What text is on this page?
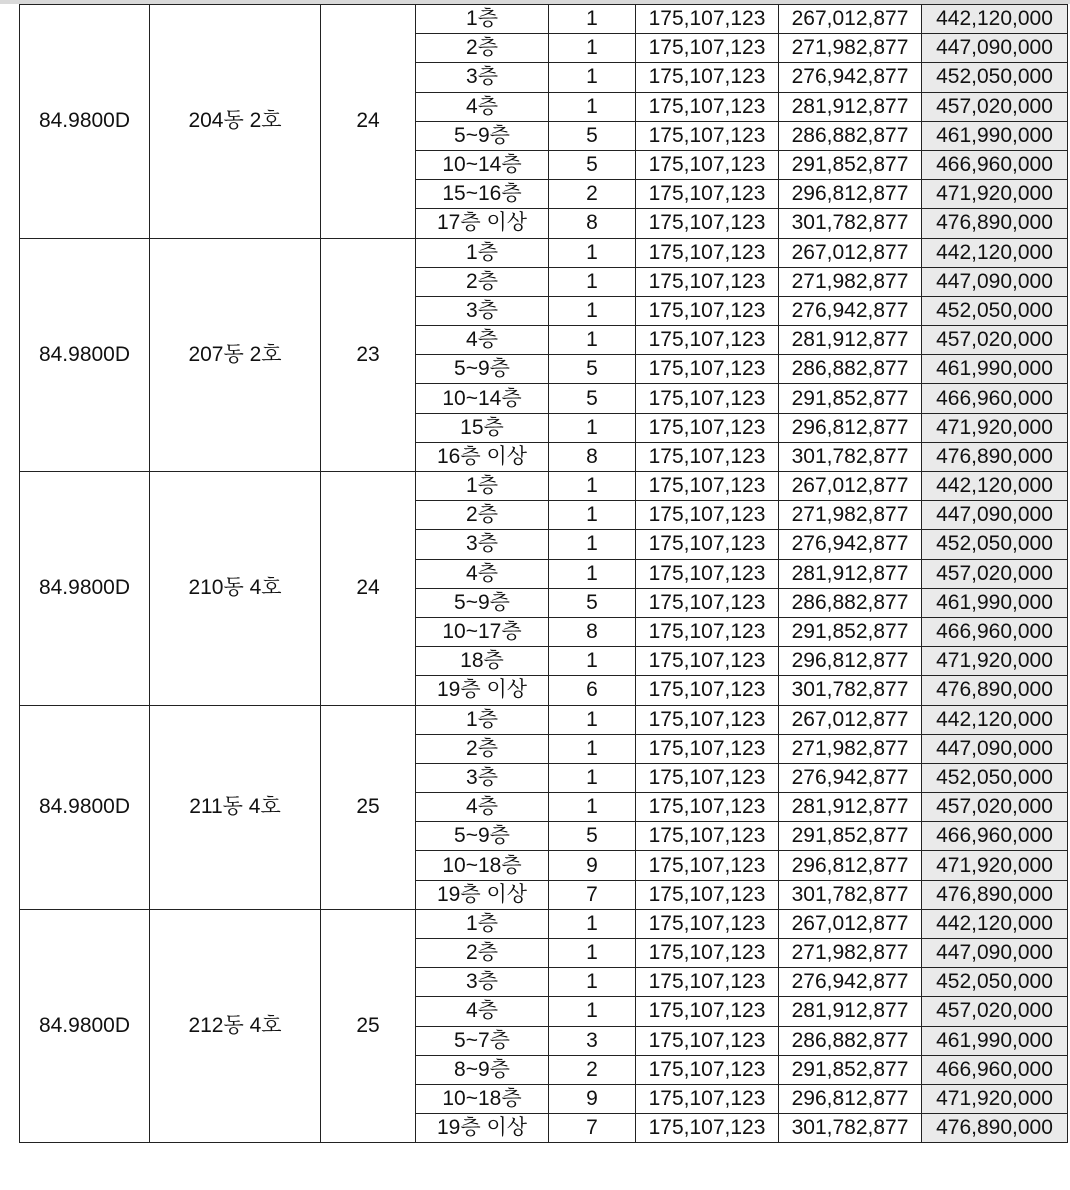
84.9800D	204동 2호	24	1층	1	175,107,123	267,012,877	442,120,000
			2층	1	175,107,123	271,982,877	447,090,000
			3층	1	175,107,123	276,942,877	452,050,000
			4층	1	175,107,123	281,912,877	457,020,000
			5~9층	5	175,107,123	286,882,877	461,990,000
			10~14층	5	175,107,123	291,852,877	466,960,000
			15~16층	2	175,107,123	296,812,877	471,920,000
			17층 이상	8	175,107,123	301,782,877	476,890,000
84.9800D	207동 2호	23	1층	1	175,107,123	267,012,877	442,120,000
			2층	1	175,107,123	271,982,877	447,090,000
			3층	1	175,107,123	276,942,877	452,050,000
			4층	1	175,107,123	281,912,877	457,020,000
			5~9층	5	175,107,123	286,882,877	461,990,000
			10~14층	5	175,107,123	291,852,877	466,960,000
			15층	1	175,107,123	296,812,877	471,920,000
			16층 이상	8	175,107,123	301,782,877	476,890,000
84.9800D	210동 4호	24	1층	1	175,107,123	267,012,877	442,120,000
			2층	1	175,107,123	271,982,877	447,090,000
			3층	1	175,107,123	276,942,877	452,050,000
			4층	1	175,107,123	281,912,877	457,020,000
			5~9층	5	175,107,123	286,882,877	461,990,000
			10~17층	8	175,107,123	291,852,877	466,960,000
			18층	1	175,107,123	296,812,877	471,920,000
			19층 이상	6	175,107,123	301,782,877	476,890,000
84.9800D	211동 4호	25	1층	1	175,107,123	267,012,877	442,120,000
			2층	1	175,107,123	271,982,877	447,090,000
			3층	1	175,107,123	276,942,877	452,050,000
			4층	1	175,107,123	281,912,877	457,020,000
			5~9층	5	175,107,123	291,852,877	466,960,000
			10~18층	9	175,107,123	296,812,877	471,920,000
			19층 이상	7	175,107,123	301,782,877	476,890,000
84.9800D	212동 4호	25	1층	1	175,107,123	267,012,877	442,120,000
			2층	1	175,107,123	271,982,877	447,090,000
			3층	1	175,107,123	276,942,877	452,050,000
			4층	1	175,107,123	281,912,877	457,020,000
			5~7층	3	175,107,123	286,882,877	461,990,000
			8~9층	2	175,107,123	291,852,877	466,960,000
			10~18층	9	175,107,123	296,812,877	471,920,000
			19층 이상	7	175,107,123	301,782,877	476,890,000
